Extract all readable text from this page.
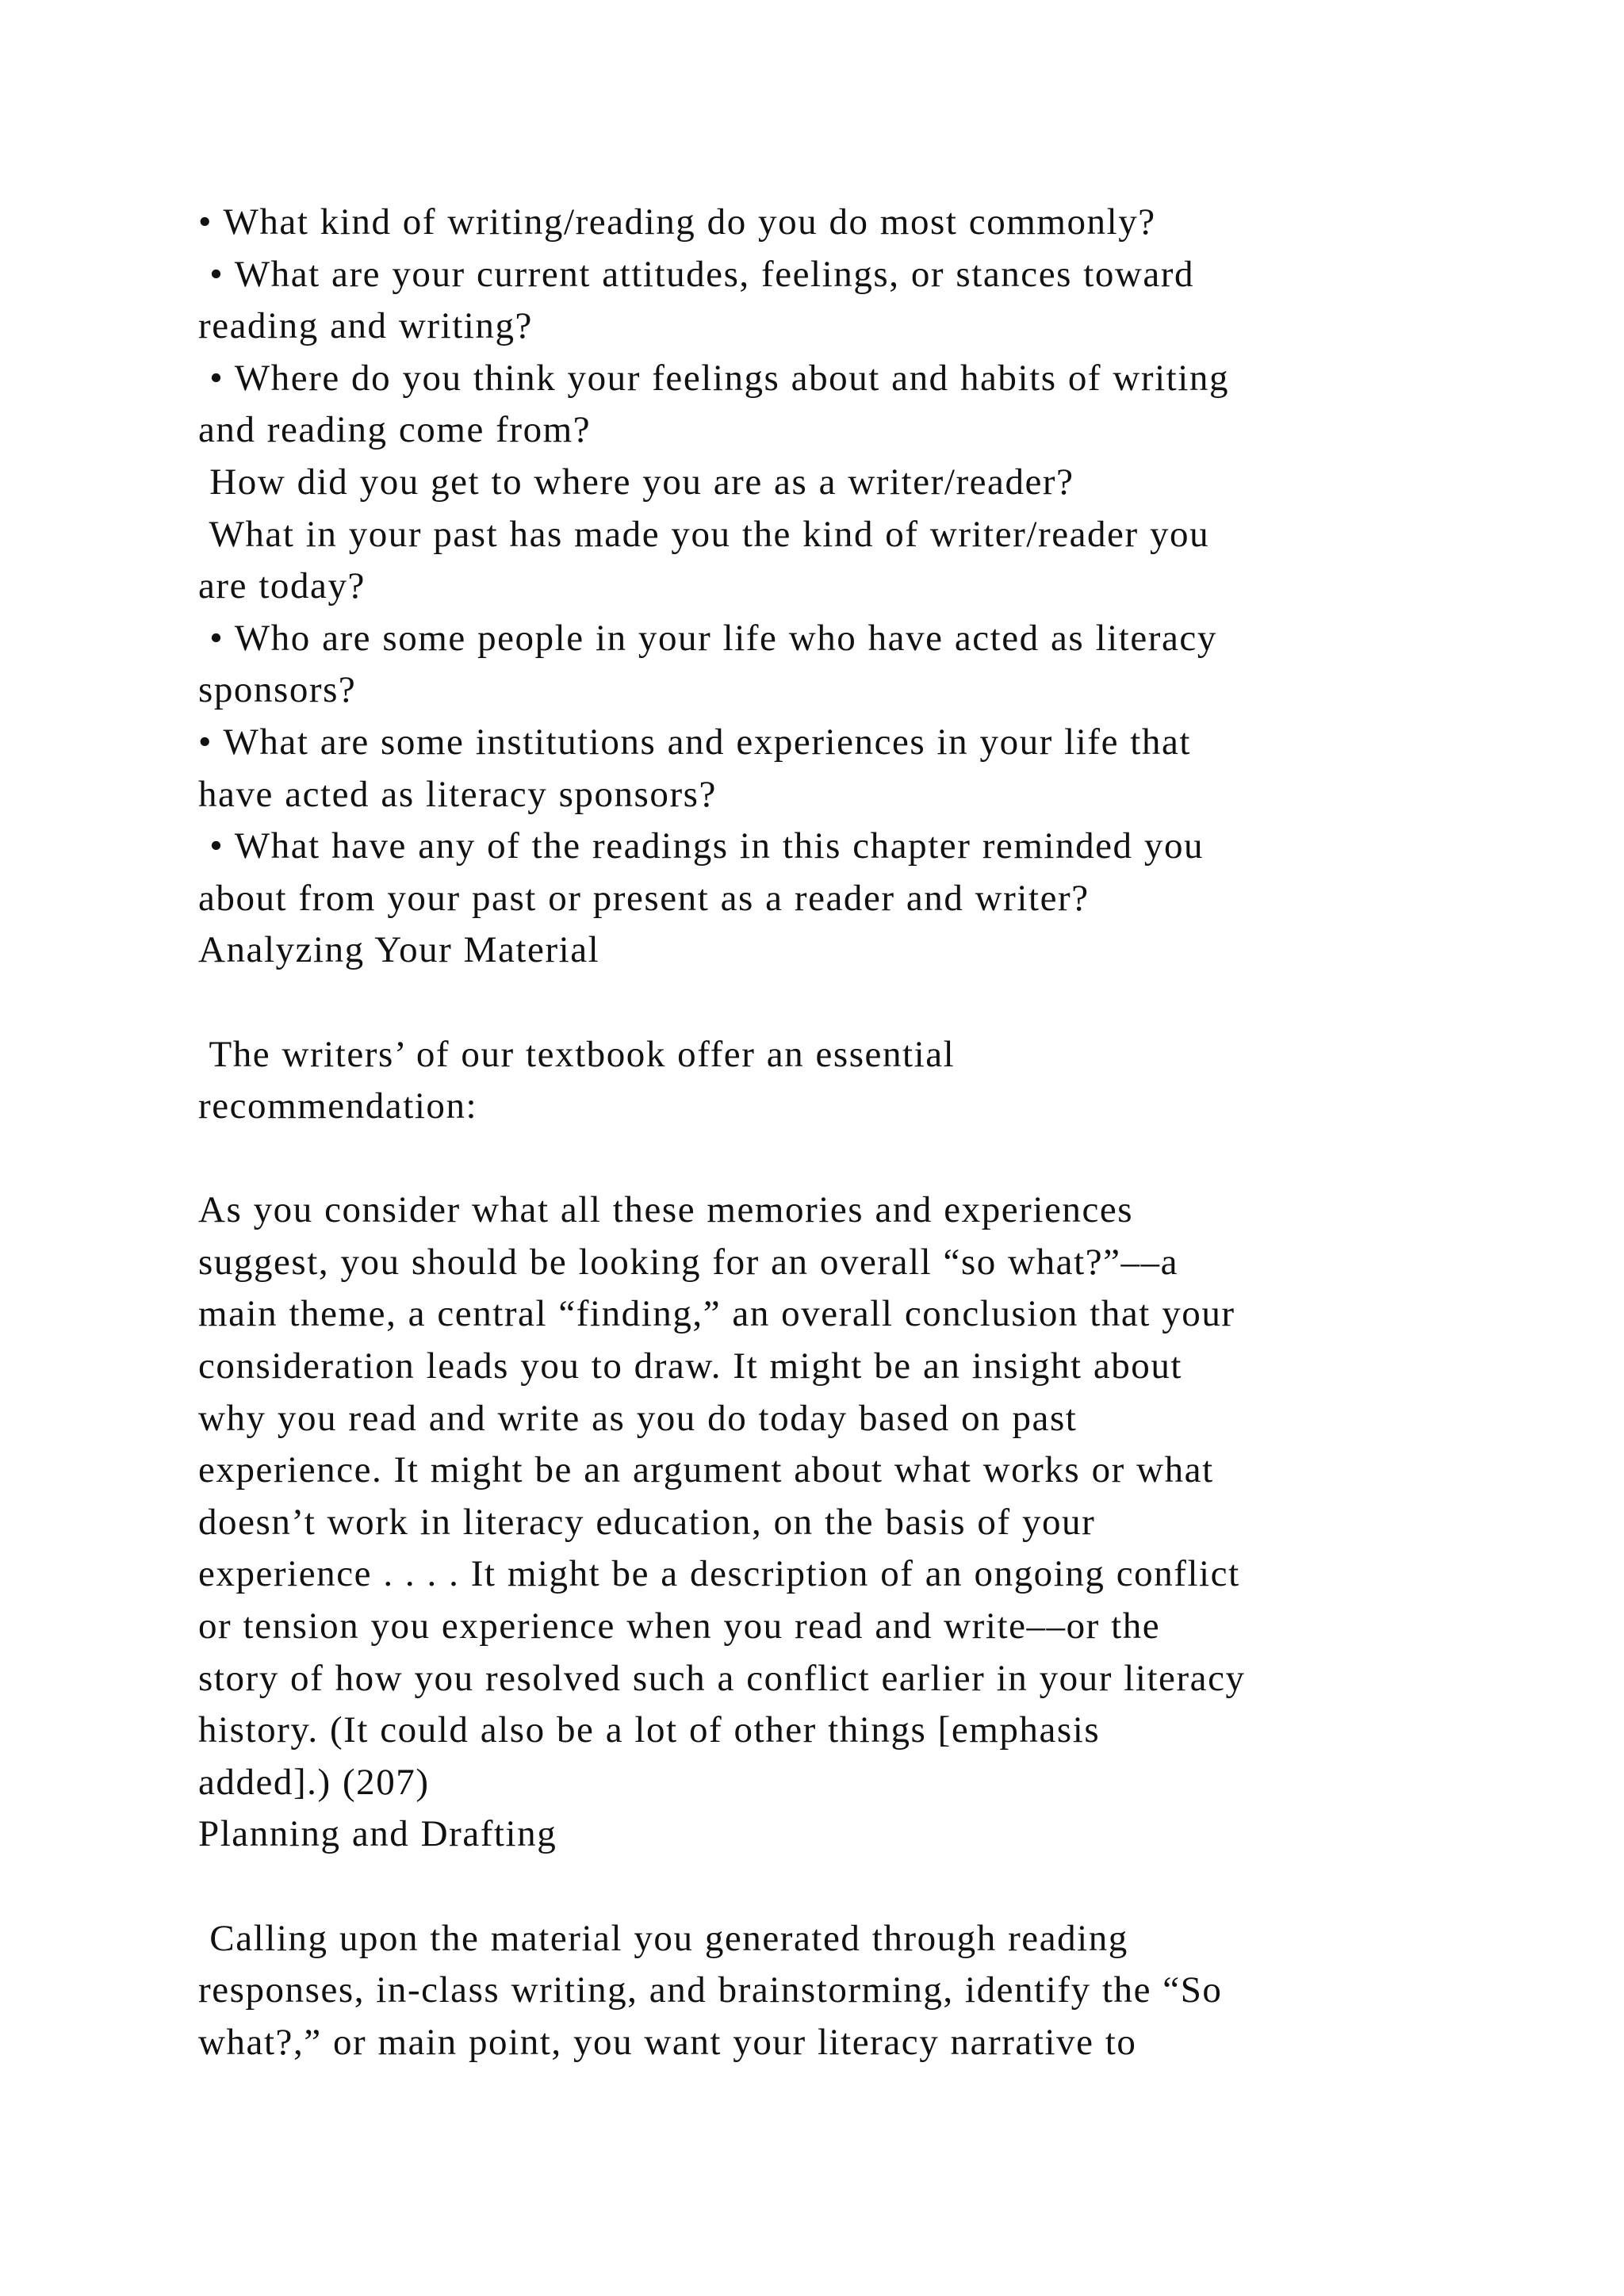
• What kind of writing/reading do you do most commonly?
• What are your current attitudes, feelings, or stances toward
reading and writing?
• Where do you think your feelings about and habits of writing
and reading come from?
How did you get to where you are as a writer/reader?
What in your past has made you the kind of writer/reader you
are today?
• Who are some people in your life who have acted as literacy
sponsors?
• What are some institutions and experiences in your life that
have acted as literacy sponsors?
• What have any of the readings in this chapter reminded you
about from your past or present as a reader and writer?
Analyzing Your Material
The writers’ of our textbook offer an essential
recommendation:
As you consider what all these memories and experiences
suggest, you should be looking for an overall “so what?”––a
main theme, a central “finding,” an overall conclusion that your
consideration leads you to draw. It might be an insight about
why you read and write as you do today based on past
experience. It might be an argument about what works or what
doesn’t work in literacy education, on the basis of your
experience . . . . It might be a description of an ongoing conflict
or tension you experience when you read and write––or the
story of how you resolved such a conflict earlier in your literacy
history. (It could also be a lot of other things [emphasis
added].) (207)
Planning and Drafting
Calling upon the material you generated through reading
responses, in-class writing, and brainstorming, identify the “So
what?,” or main point, you want your literacy narrative to
